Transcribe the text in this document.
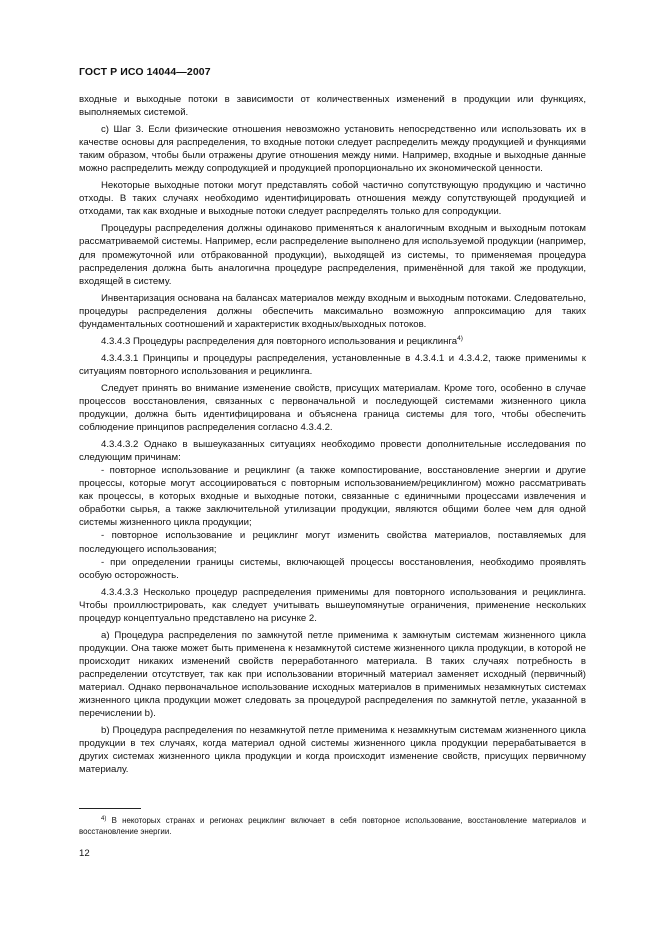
ГОСТ Р ИСО 14044—2007

входные и выходные потоки в зависимости от количественных изменений в продукции или функциях, выполняемых системой.

с) Шаг 3. Если физические отношения невозможно установить непосредственно или использовать их в качестве основы для распределения, то входные потоки следует распределить между продукцией и функциями таким образом, чтобы были отражены другие отношения между ними. Например, входные и выходные данные можно распределить между сопродукцией и продукцией пропорционально их экономической ценности.

Некоторые выходные потоки могут представлять собой частично сопутствующую продукцию и частично отходы. В таких случаях необходимо идентифицировать отношения между сопутствующей продукцией и отходами, так как входные и выходные потоки следует распределять только для сопродукции.

Процедуры распределения должны одинаково применяться к аналогичным входным и выходным потокам рассматриваемой системы. Например, если распределение выполнено для используемой продукции (например, для промежуточной или отбракованной продукции), выходящей из системы, то применяемая процедура распределения должна быть аналогична процедуре распределения, применённой для такой же продукции, входящей в систему.

Инвентаризация основана на балансах материалов между входным и выходным потоками. Следовательно, процедуры распределения должны обеспечить максимально возможную аппроксимацию для таких фундаментальных соотношений и характеристик входных/выходных потоков.

4.3.4.3 Процедуры распределения для повторного использования и рециклинга$^{4)}$

4.3.4.3.1 Принципы и процедуры распределения, установленные в 4.3.4.1 и 4.3.4.2, также применимы к ситуациям повторного использования и рециклинга.

Следует принять во внимание изменение свойств, присущих материалам. Кроме того, особенно в случае процессов восстановления, связанных с первоначальной и последующей системами жизненного цикла продукции, должна быть идентифицирована и объяснена граница системы для того, чтобы обеспечить соблюдение принципов распределения согласно 4.3.4.2.

4.3.4.3.2 Однако в вышеуказанных ситуациях необходимо провести дополнительные исследования по следующим причинам:

- повторное использование и рециклинг (а также компостирование, восстановление энергии и другие процессы, которые могут ассоциироваться с повторным использованием/рециклингом) можно рассматривать как процессы, в которых входные и выходные потоки, связанные с единичными процессами извлечения и обработки сырья, а также заключительной утилизации продукции, являются общими более чем для одной системы жизненного цикла продукции;

- повторное использование и рециклинг могут изменить свойства материалов, поставляемых для последующего использования;

- при определении границы системы, включающей процессы восстановления, необходимо проявлять особую осторожность.

4.3.4.3.3 Несколько процедур распределения применимы для повторного использования и рециклинга. Чтобы проиллюстрировать, как следует учитывать вышеупомянутые ограничения, применение нескольких процедур концептуально представлено на рисунке 2.

a) Процедура распределения по замкнутой петле применима к замкнутым системам жизненного цикла продукции. Она также может быть применена к незамкнутой системе жизненного цикла продукции, в которой не происходит никаких изменений свойств переработанного материала. В таких случаях потребность в распределении отсутствует, так как при использовании вторичный материал заменяет исходный (первичный) материал. Однако первоначальное использование исходных материалов в применимых незамкнутых системах жизненного цикла продукции может следовать за процедурой распределения по замкнутой петле, указанной в перечислении b).

b) Процедура распределения по незамкнутой петле применима к незамкнутым системам жизненного цикла продукции в тех случаях, когда материал одной системы жизненного цикла продукции перерабатывается в других системах жизненного цикла продукции и когда происходит изменение свойств, присущих первичному материалу.

$^{4)}$ В некоторых странах и регионах рециклинг включает в себя повторное использование, восстановление материалов и восстановление энергии.
12
